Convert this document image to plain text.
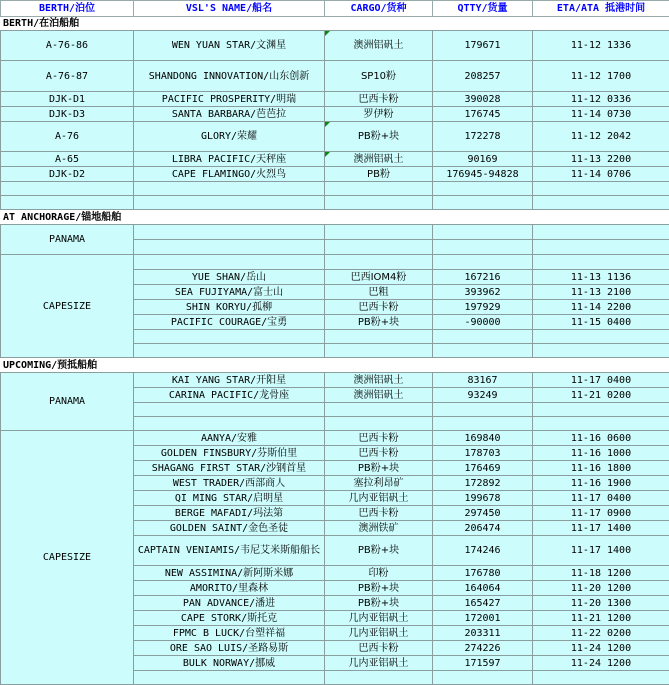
BERTH/泊位	VSL'S NAME/船名	CARGO/货种	QTTY/货量	ETA/ATA 抵港时间
BERTH/在泊船舶				
A-76-86	WEN YUAN STAR/文渊星	澳洲铝矾土	179671	11-12 1336
A-76-87	SHANDONG INNOVATION/山东创新	SP10粉	208257	11-12 1700
DJK-D1	PACIFIC PROSPERITY/明瑞	巴西卡粉	390028	11-12 0336
DJK-D3	SANTA BARBARA/芭芭拉	罗伊粉	176745	11-14 0730
A-76	GLORY/荣耀	PB粉+块	172278	11-12 2042
A-65	LIBRA PACIFIC/天秤座	澳洲铝矾土	90169	11-13 2200
DJK-D2	CAPE FLAMINGO/火烈鸟	PB粉	176945-94828	11-14 0706

AT ANCHORAGE/锚地船舶				
PANAMA				

CAPESIZE				
	YUE SHAN/岳山	巴西IOM4粉	167216	11-13 1136
	SEA FUJIYAMA/富士山	巴粗	393962	11-13 2100
	SHIN KORYU/孤柳	巴西卡粉	197929	11-14 2200
	PACIFIC COURAGE/宝勇	PB粉+块	-90000	11-15 0400

UPCOMING/预抵船舶				
PANAMA	KAI YANG STAR/开阳星	澳洲铝矾土	83167	11-17 0400
	CARINA PACIFIC/龙骨座	澳洲铝矾土	93249	11-21 0200

CAPESIZE	AANYA/安雅	巴西卡粉	169840	11-16 0600
	GOLDEN FINSBURY/芬斯伯里	巴西卡粉	178703	11-16 1000
	SHAGANG FIRST STAR/沙钢首星	PB粉+块	176469	11-16 1800
	WEST TRADER/西部商人	塞拉利昂矿	172892	11-16 1900
	QI MING STAR/启明星	几内亚铝矾土	199678	11-17 0400
	BERGE MAFADI/玛法第	巴西卡粉	297450	11-17 0900
	GOLDEN SAINT/金色圣徒	澳洲铁矿	206474	11-17 1400
	CAPTAIN VENIAMIS/韦尼艾米斯船船长	PB粉+块	174246	11-17 1400
	NEW ASSIMINA/新阿斯米娜	印粉	176780	11-18 1200
	AMORITO/里森林	PB粉+块	164064	11-20 1200
	PAN ADVANCE/潘进	PB粉+块	165427	11-20 1300
	CAPE STORK/斯托克	几内亚铝矾土	172001	11-21 1200
	FPMC B LUCK/台塑祥福	几内亚铝矾土	203311	11-22 0200
	ORE SAO LUIS/圣路易斯	巴西卡粉	274226	11-24 1200
	BULK NORWAY/挪威	几内亚铝矾土	171597	11-24 1200
